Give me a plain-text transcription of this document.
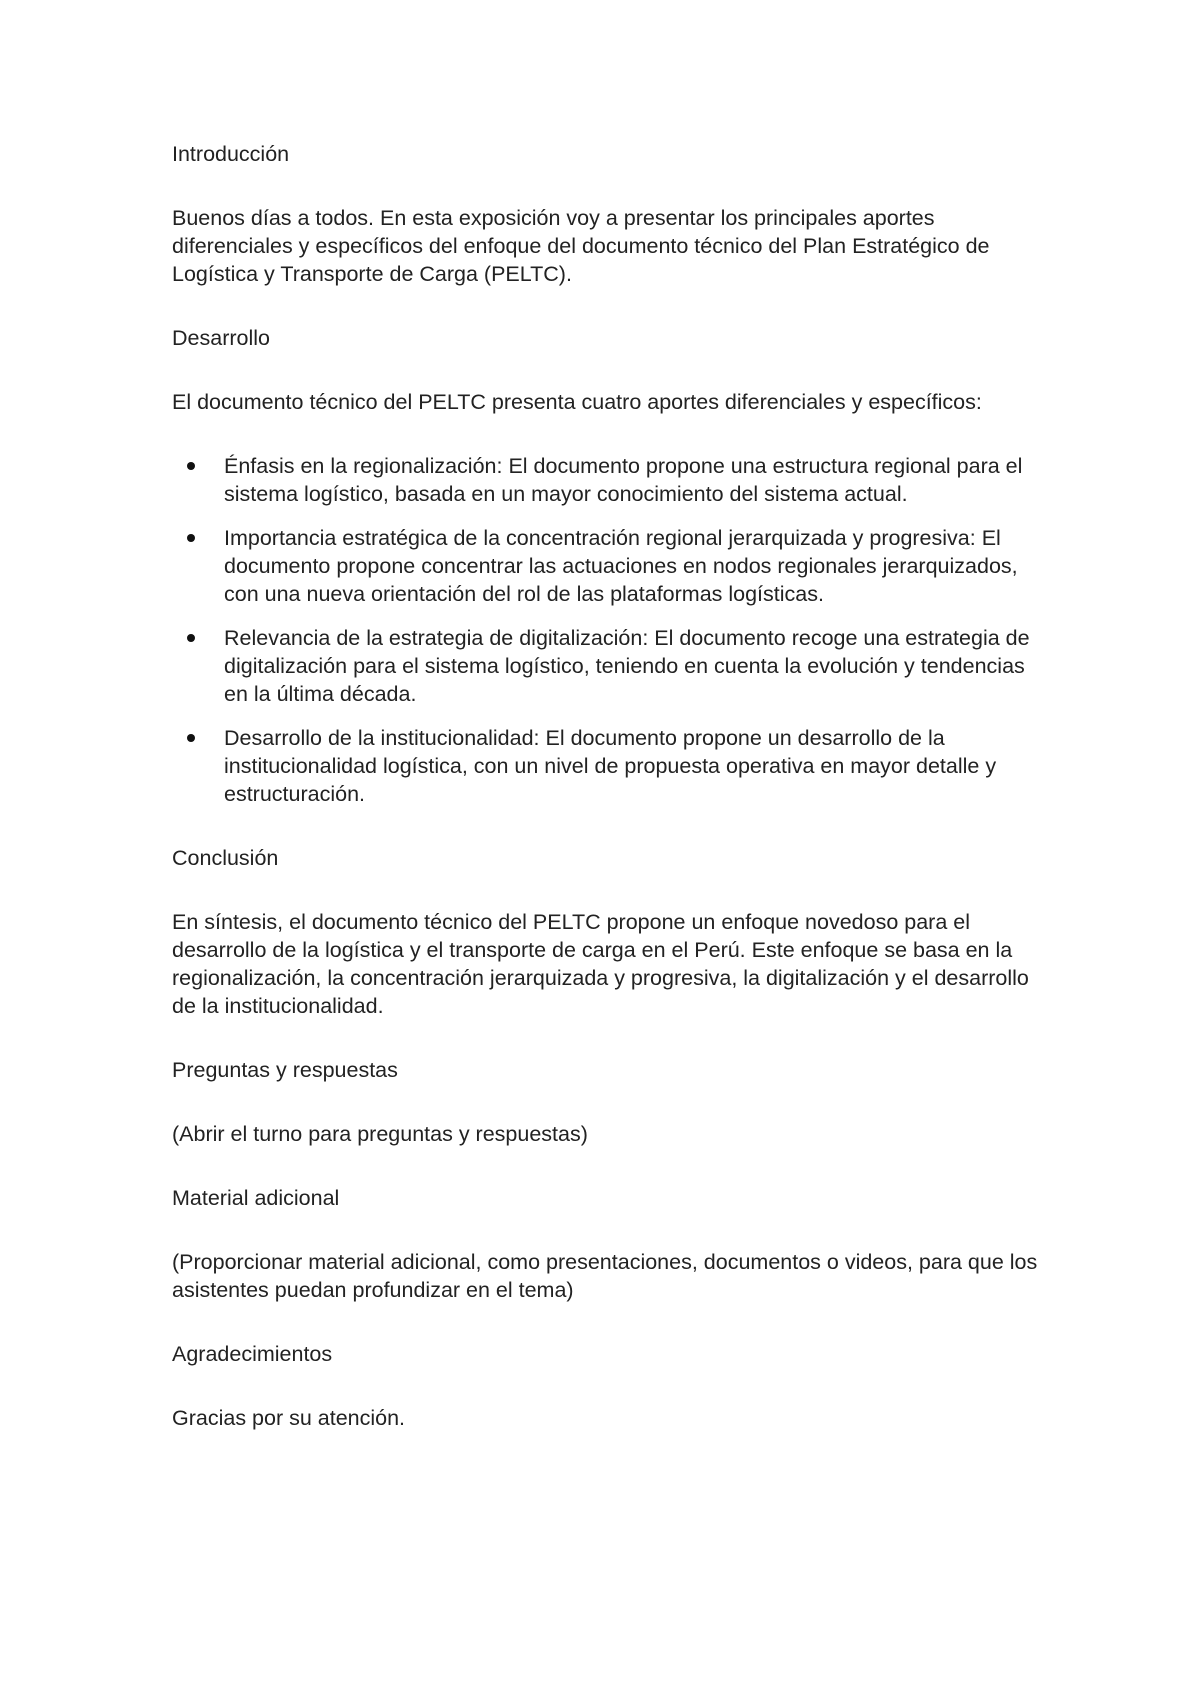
Introducción
Buenos días a todos. En esta exposición voy a presentar los principales aportes diferenciales y específicos del enfoque del documento técnico del Plan Estratégico de Logística y Transporte de Carga (PELTC).
Desarrollo
El documento técnico del PELTC presenta cuatro aportes diferenciales y específicos:
Énfasis en la regionalización: El documento propone una estructura regional para el sistema logístico, basada en un mayor conocimiento del sistema actual.
Importancia estratégica de la concentración regional jerarquizada y progresiva: El documento propone concentrar las actuaciones en nodos regionales jerarquizados, con una nueva orientación del rol de las plataformas logísticas.
Relevancia de la estrategia de digitalización: El documento recoge una estrategia de digitalización para el sistema logístico, teniendo en cuenta la evolución y tendencias en la última década.
Desarrollo de la institucionalidad: El documento propone un desarrollo de la institucionalidad logística, con un nivel de propuesta operativa en mayor detalle y estructuración.
Conclusión
En síntesis, el documento técnico del PELTC propone un enfoque novedoso para el desarrollo de la logística y el transporte de carga en el Perú. Este enfoque se basa en la regionalización, la concentración jerarquizada y progresiva, la digitalización y el desarrollo de la institucionalidad.
Preguntas y respuestas
(Abrir el turno para preguntas y respuestas)
Material adicional
(Proporcionar material adicional, como presentaciones, documentos o videos, para que los asistentes puedan profundizar en el tema)
Agradecimientos
Gracias por su atención.
